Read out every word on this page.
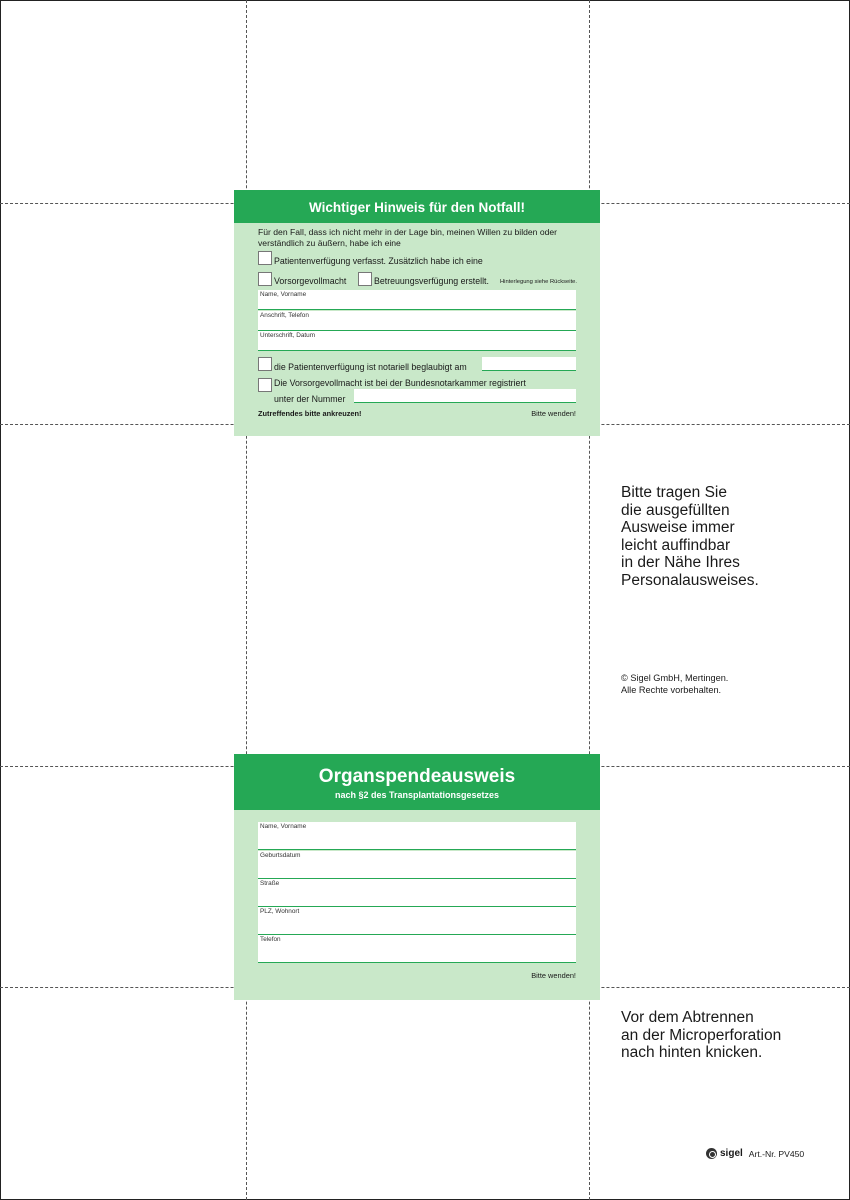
Wichtiger Hinweis für den Notfall!
Für den Fall, dass ich nicht mehr in der Lage bin, meinen Willen zu bilden oder verständlich zu äußern, habe ich eine
Patientenverfügung verfasst. Zusätzlich habe ich eine
Vorsorgevollmacht	Betreuungsverfügung erstellt. Hinterlegung siehe Rückseite.
Name, Vorname
Anschrift, Telefon
Unterschrift, Datum
die Patientenverfügung ist notariell beglaubigt am
Die Vorsorgevollmacht ist bei der Bundesnotarkammer registriert
unter der Nummer
Zutreffendes bitte ankreuzen!	Bitte wenden!
Bitte tragen Sie
die ausgefüllten
Ausweise immer
leicht auffindbar
in der Nähe Ihres
Personalausweises.
© Sigel GmbH, Mertingen.
Alle Rechte vorbehalten.
Organspendeausweis
nach §2 des Transplantationsgesetzes
Name, Vorname
Geburtsdatum
Straße
PLZ, Wohnort
Telefon
Bitte wenden!
Vor dem Abtrennen
an der Microperforation
nach hinten knicken.
sigel Art.-Nr. PV450
